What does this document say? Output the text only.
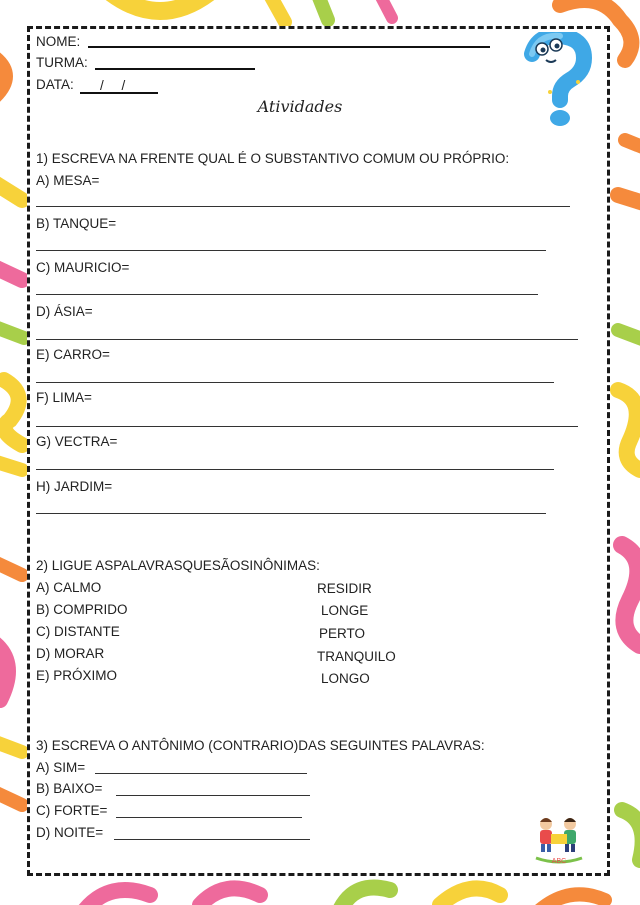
NOME:
TURMA:
DATA: / /
Atividades
1) ESCREVA NA FRENTE QUAL É O SUBSTANTIVO COMUM OU PRÓPRIO:
A) MESA=
B) TANQUE=
C) MAURICIO=
D) ÁSIA=
E) CARRO=
F) LIMA=
G) VECTRA=
H) JARDIM=
2) LIGUE ASPALAVRASQUESÃOSINÔNIMAS:
A) CALMO
B) COMPRIDO
C) DISTANTE
D) MORAR
E) PRÓXIMO
RESIDIR
LONGE
PERTO
TRANQUILO
LONGO
3) ESCREVA O ANTÔNIMO (CONTRARIO)DAS SEGUINTES PALAVRAS:
A) SIM=
B) BAIXO=
C) FORTE=
D) NOITE=
ABC
